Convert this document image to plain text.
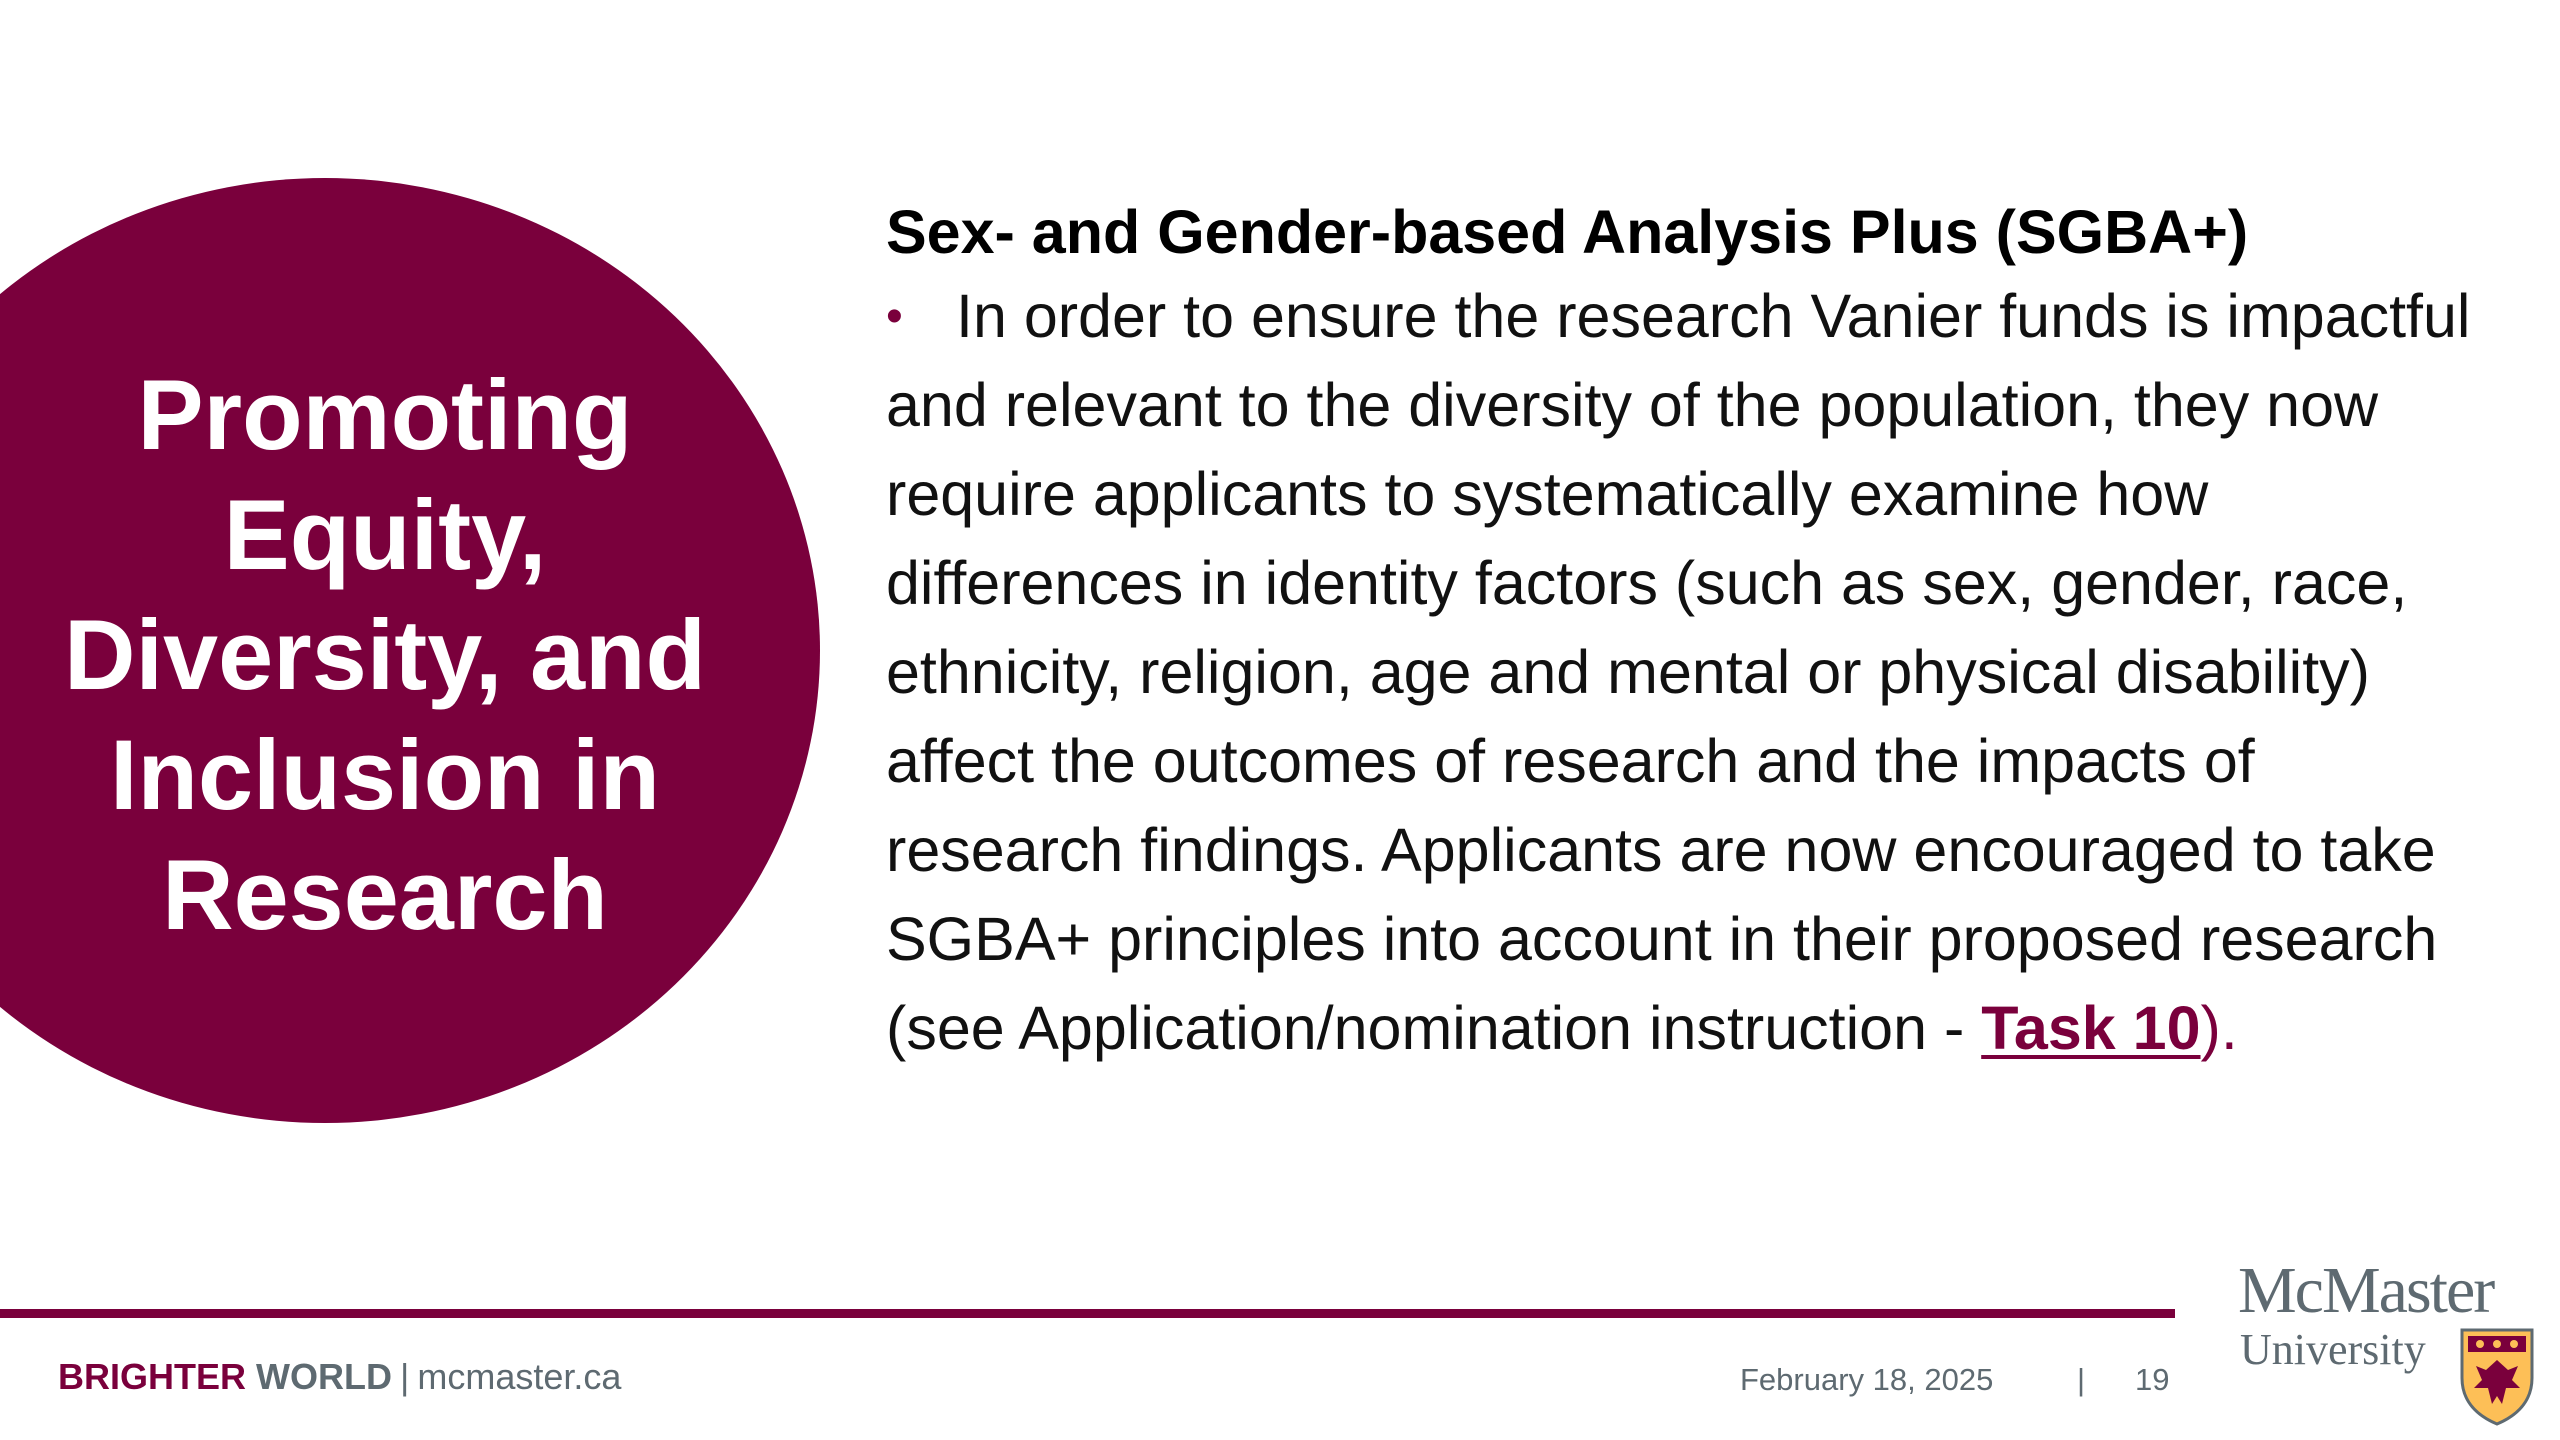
Promoting Equity, Diversity, and Inclusion in Research
Sex- and Gender-based Analysis Plus (SGBA+)

• In order to ensure the research Vanier funds is impactful and relevant to the diversity of the population, they now require applicants to systematically examine how differences in identity factors (such as sex, gender, race, ethnicity, religion, age and mental or physical disability) affect the outcomes of research and the impacts of research findings. Applicants are now encouraged to take SGBA+ principles into account in their proposed research (see Application/nomination instruction - Task 10).

BRIGHTER WORLD | mcmaster.ca	February 18, 2025	| 19
McMaster
University
